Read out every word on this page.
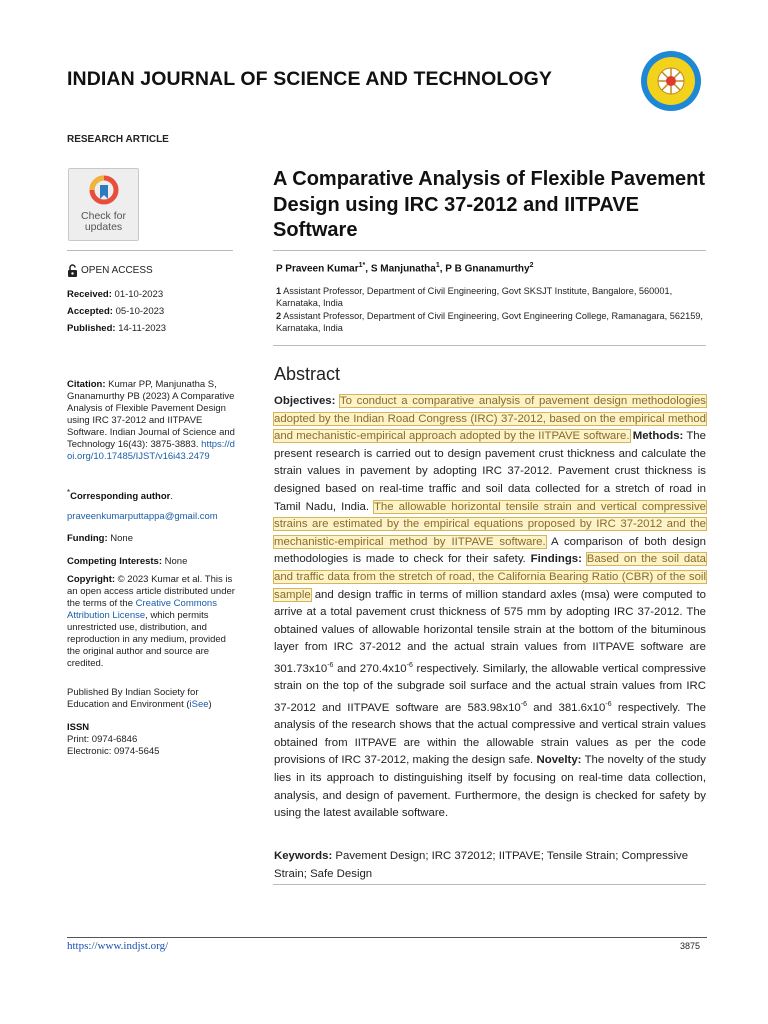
INDIAN JOURNAL OF SCIENCE AND TECHNOLOGY
RESEARCH ARTICLE
Check for
updates
OPEN ACCESS
Received: 01-10-2023
Accepted: 05-10-2023
Published: 14-11-2023
Citation: Kumar PP, Manjunatha S, Gnanamurthy PB (2023) A Comparative Analysis of Flexible Pavement Design using IRC 37-2012 and IITPAVE Software. Indian Journal of Science and Technology 16(43): 3875-3883. https://doi.org/10.17485/IJST/v16i43.2479
*Corresponding author.
praveenkumarputtappa@gmail.com
Funding: None
Competing Interests: None
Copyright: © 2023 Kumar et al. This is an open access article distributed under the terms of the Creative Commons Attribution License, which permits unrestricted use, distribution, and reproduction in any medium, provided the original author and source are credited.
Published By Indian Society for Education and Environment (iSee)
ISSN
Print: 0974-6846
Electronic: 0974-5645
A Comparative Analysis of Flexible Pavement Design using IRC 37-2012 and IITPAVE Software
P Praveen Kumar$^{1*}$, S Manjunatha$^1$, P B Gnanamurthy$^2$
1 Assistant Professor, Department of Civil Engineering, Govt SKSJT Institute, Bangalore, 560001, Karnataka, India
2 Assistant Professor, Department of Civil Engineering, Govt Engineering College, Ramanagara, 562159, Karnataka, India
Abstract
Objectives: To conduct a comparative analysis of pavement design methodologies adopted by the Indian Road Congress (IRC) 37-2012, based on the empirical method and mechanistic-empirical approach adopted by the IITPAVE software. Methods: The present research is carried out to design pavement crust thickness and calculate the strain values in pavement by adopting IRC 37-2012. Pavement crust thickness is designed based on real-time traffic and soil data collected for a stretch of road in Tamil Nadu, India. The allowable horizontal tensile strain and vertical compressive strains are estimated by the empirical equations proposed by IRC 37-2012 and the mechanistic-empirical method by IITPAVE software. A comparison of both design methodologies is made to check for their safety. Findings: Based on the soil data and traffic data from the stretch of road, the California Bearing Ratio (CBR) of the soil sample and design traffic in terms of million standard axles (msa) were computed to arrive at a total pavement crust thickness of 575 mm by adopting IRC 37-2012. The obtained values of allowable horizontal tensile strain at the bottom of the bituminous layer from IRC 37-2012 and the actual strain values from IITPAVE software are $301.73x10^{-6}$ and $270.4x10^{-6}$ respectively. Similarly, the allowable vertical compressive strain on the top of the subgrade soil surface and the actual strain values from IRC 37-2012 and IITPAVE software are $583.98x10^{-6}$ and $381.6x10^{-6}$ respectively. The analysis of the research shows that the actual compressive and vertical strain values obtained from IITPAVE are within the allowable strain values as per the code provisions of IRC 37-2012, making the design safe. Novelty: The novelty of the study lies in its approach to distinguishing itself by focusing on real-time data collection, analysis, and design of pavement. Furthermore, the design is checked for safety by using the latest available software.
Keywords: Pavement Design; IRC 372012; IITPAVE; Tensile Strain; Compressive Strain; Safe Design
https://www.indjst.org/	3875
